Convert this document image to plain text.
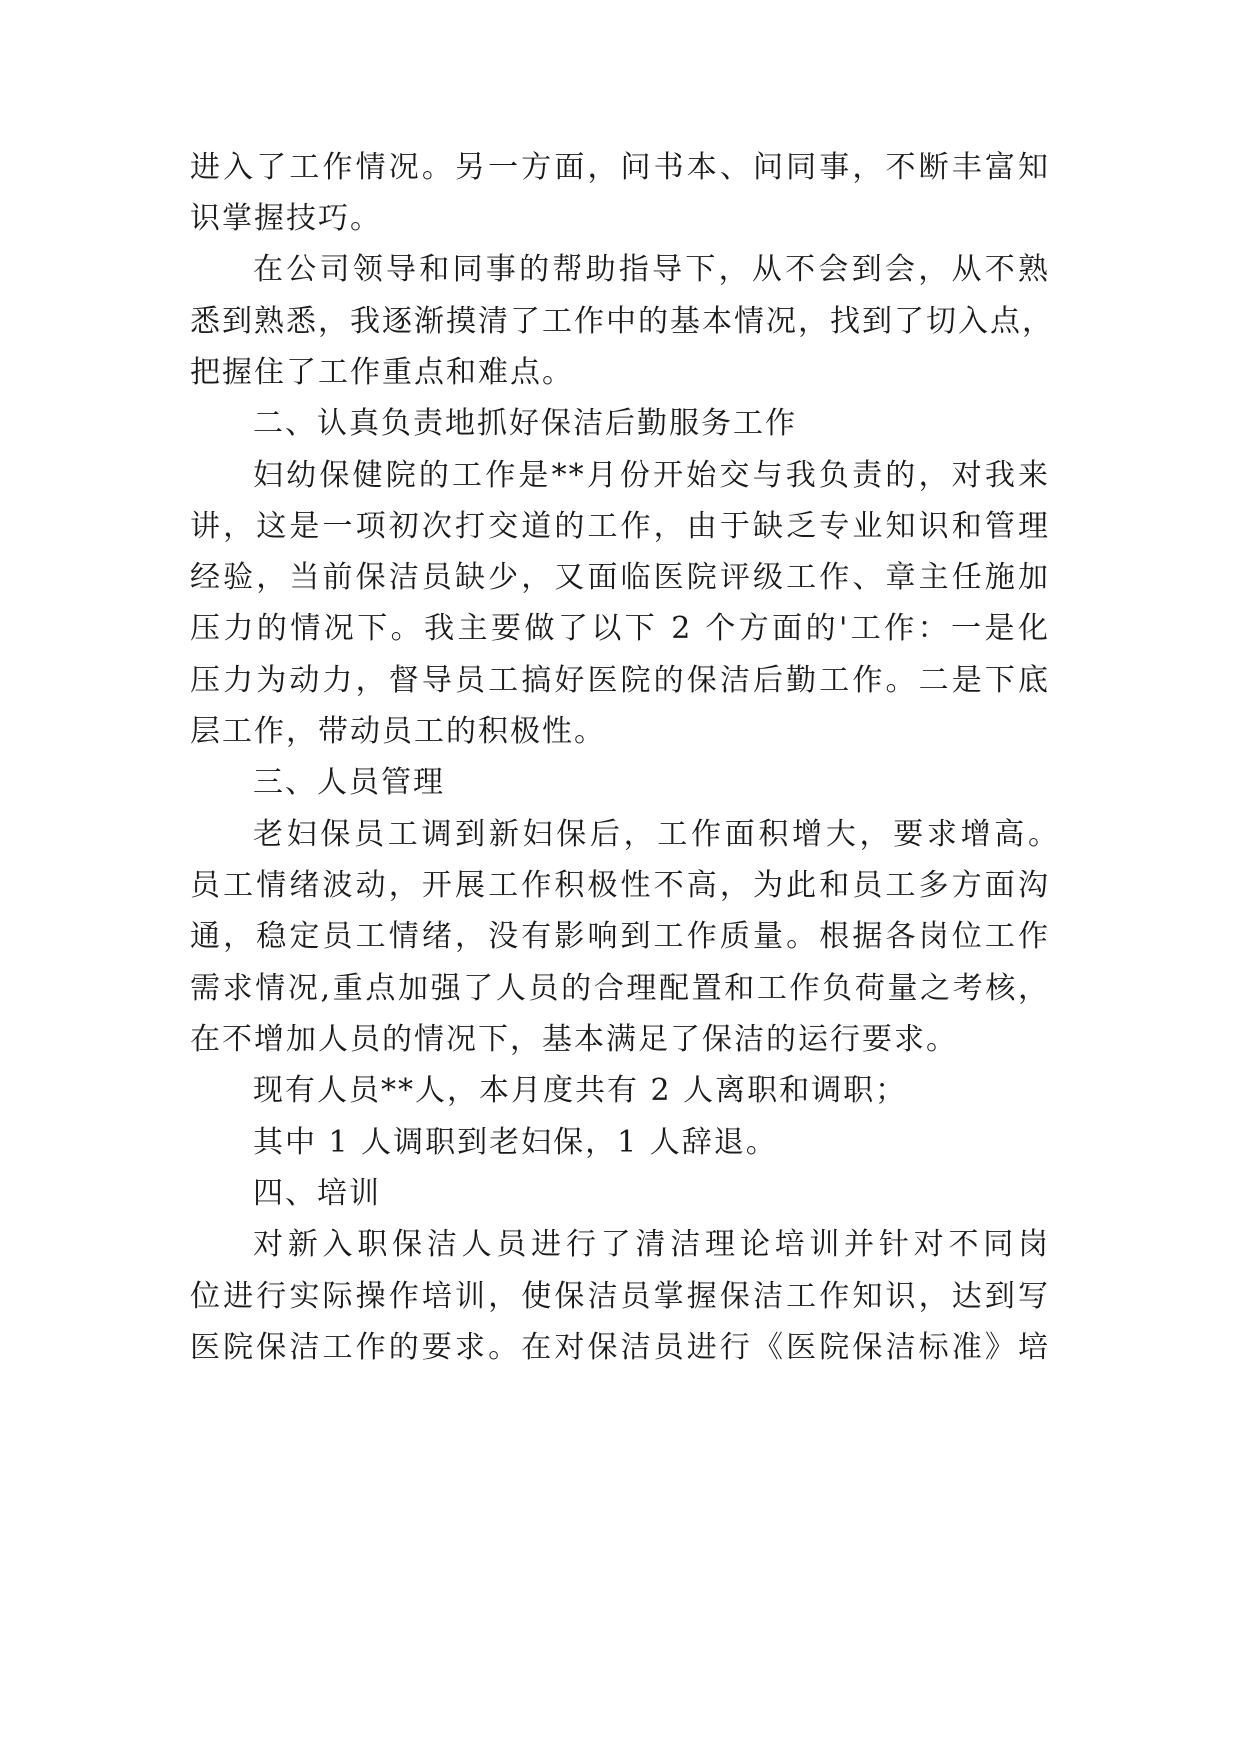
进入了工作情况。另一方面，问书本、问同事，不断丰富知
识掌握技巧。
在公司领导和同事的帮助指导下，从不会到会，从不熟
悉到熟悉，我逐渐摸清了工作中的基本情况，找到了切入点，
把握住了工作重点和难点。
二、认真负责地抓好保洁后勤服务工作
妇幼保健院的工作是**月份开始交与我负责的，对我来
讲，这是一项初次打交道的工作，由于缺乏专业知识和管理
经验，当前保洁员缺少，又面临医院评级工作、章主任施加
压力的情况下。我主要做了以下 2 个方面的'工作：一是化
压力为动力，督导员工搞好医院的保洁后勤工作。二是下底
层工作，带动员工的积极性。
三、人员管理
老妇保员工调到新妇保后，工作面积增大，要求增高。
员工情绪波动，开展工作积极性不高，为此和员工多方面沟
通，稳定员工情绪，没有影响到工作质量。根据各岗位工作
需求情况,重点加强了人员的合理配置和工作负荷量之考核，
在不增加人员的情况下，基本满足了保洁的运行要求。
现有人员**人，本月度共有 2 人离职和调职；
其中 1 人调职到老妇保，1 人辞退。
四、培训
对新入职保洁人员进行了清洁理论培训并针对不同岗
位进行实际操作培训，使保洁员掌握保洁工作知识，达到写
医院保洁工作的要求。在对保洁员进行《医院保洁标准》培
